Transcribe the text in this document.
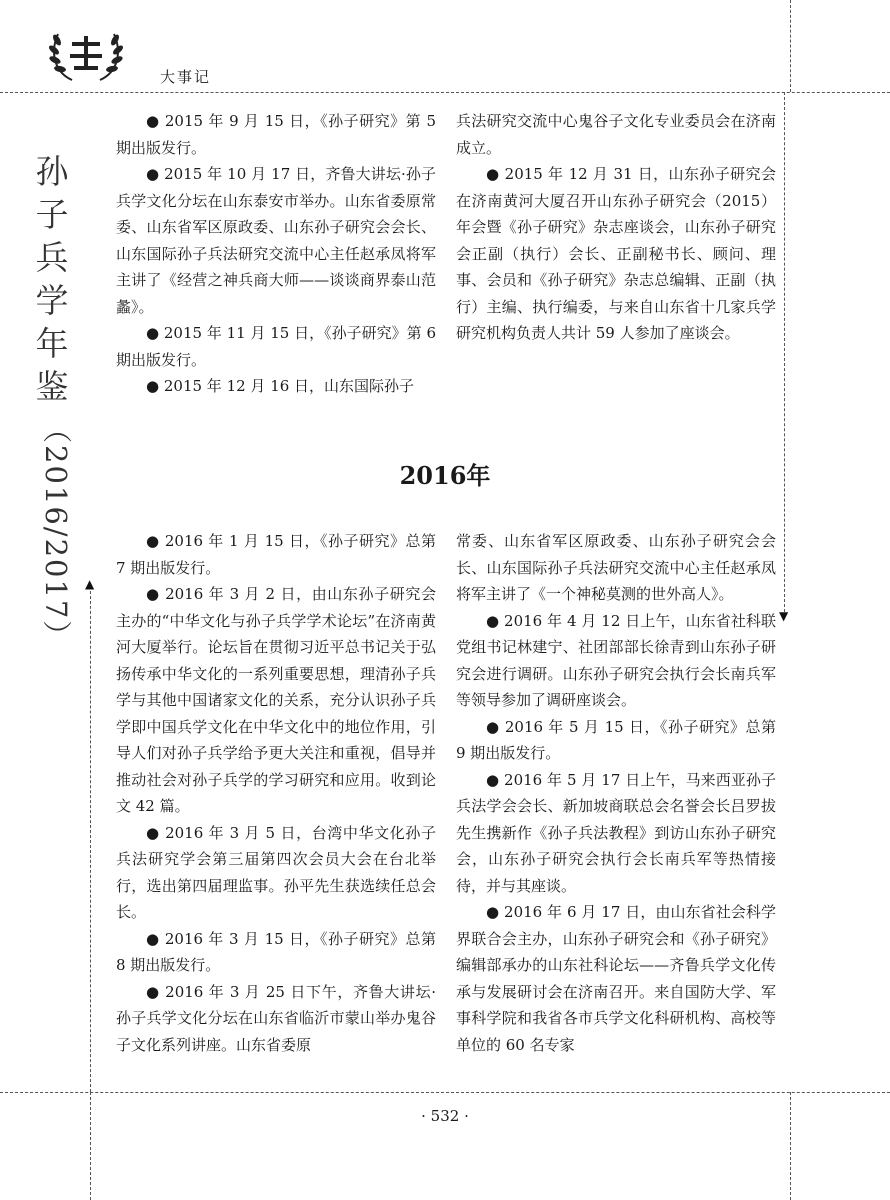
大事记
▼
▲
孙
子
兵
学
年
鉴
（2016/2017）

● 2015 年 9 月 15 日，《孙子研究》第 5 期出版发行。

● 2015 年 10 月 17 日，齐鲁大讲坛·孙子兵学文化分坛在山东泰安市举办。山东省委原常委、山东省军区原政委、山东孙子研究会会长、山东国际孙子兵法研究交流中心主任赵承凤将军主讲了《经营之神兵商大师——谈谈商界泰山范蠡》。

● 2015 年 11 月 15 日，《孙子研究》第 6 期出版发行。

● 2015 年 12 月 16 日，山东国际孙子

兵法研究交流中心鬼谷子文化专业委员会在济南成立。

● 2015 年 12 月 31 日，山东孙子研究会在济南黄河大厦召开山东孙子研究会（2015）年会暨《孙子研究》杂志座谈会，山东孙子研究会正副（执行）会长、正副秘书长、顾问、理事、会员和《孙子研究》杂志总编辑、正副（执行）主编、执行编委，与来自山东省十几家兵学研究机构负责人共计 59 人参加了座谈会。

2016年

● 2016 年 1 月 15 日，《孙子研究》总第 7 期出版发行。

● 2016 年 3 月 2 日，由山东孙子研究会主办的“中华文化与孙子兵学学术论坛”在济南黄河大厦举行。论坛旨在贯彻习近平总书记关于弘扬传承中华文化的一系列重要思想，理清孙子兵学与其他中国诸家文化的关系，充分认识孙子兵学即中国兵学文化在中华文化中的地位作用，引导人们对孙子兵学给予更大关注和重视，倡导并推动社会对孙子兵学的学习研究和应用。收到论文 42 篇。

● 2016 年 3 月 5 日，台湾中华文化孙子兵法研究学会第三届第四次会员大会在台北举行，选出第四届理监事。孙平先生获选续任总会长。

● 2016 年 3 月 15 日，《孙子研究》总第 8 期出版发行。

● 2016 年 3 月 25 日下午，齐鲁大讲坛·孙子兵学文化分坛在山东省临沂市蒙山举办鬼谷子文化系列讲座。山东省委原

常委、山东省军区原政委、山东孙子研究会会长、山东国际孙子兵法研究交流中心主任赵承凤将军主讲了《一个神秘莫测的世外高人》。

● 2016 年 4 月 12 日上午，山东省社科联党组书记林建宁、社团部部长徐青到山东孙子研究会进行调研。山东孙子研究会执行会长南兵军等领导参加了调研座谈会。

● 2016 年 5 月 15 日，《孙子研究》总第 9 期出版发行。

● 2016 年 5 月 17 日上午，马来西亚孙子兵法学会会长、新加坡商联总会名誉会长吕罗拔先生携新作《孙子兵法教程》到访山东孙子研究会，山东孙子研究会执行会长南兵军等热情接待，并与其座谈。

● 2016 年 6 月 17 日，由山东省社会科学界联合会主办，山东孙子研究会和《孙子研究》编辑部承办的山东社科论坛——齐鲁兵学文化传承与发展研讨会在济南召开。来自国防大学、军事科学院和我省各市兵学文化科研机构、高校等单位的 60 名专家

· 532 ·
